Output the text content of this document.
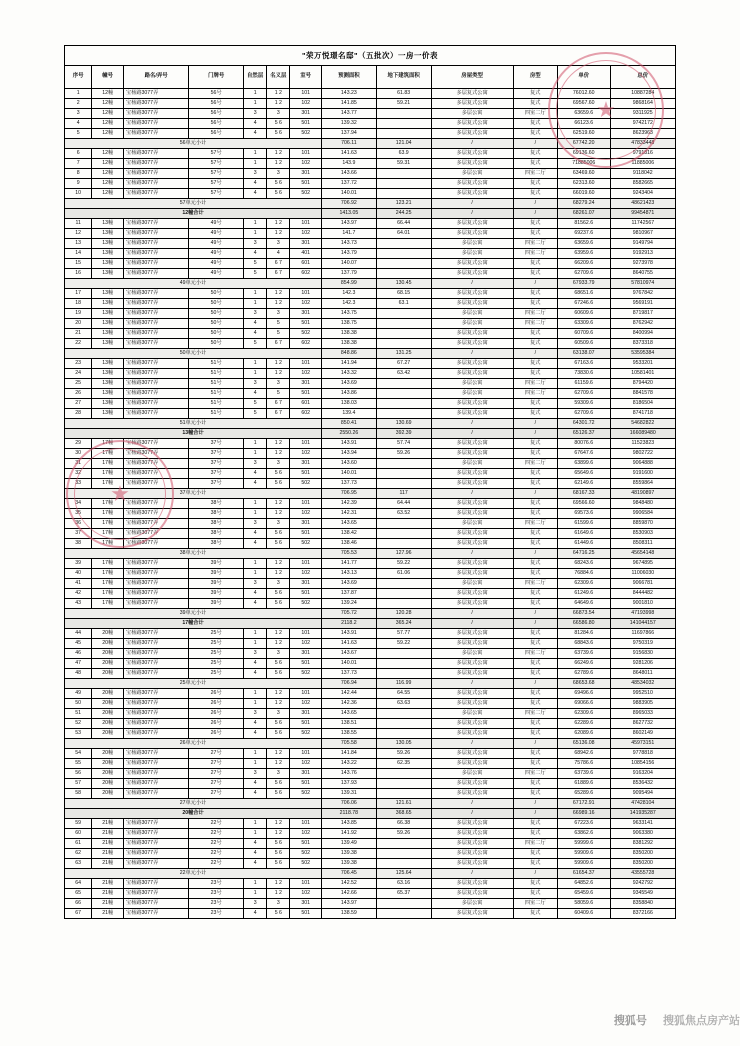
"荣万悦璟名邸"（五批次）一房一价表
序号	幢号	路名/弄号	门牌号	自然层	名义层	室号	预测面积	地下建筑面积	房屋类型	房型	单价	总价
1	12幢	宝杨路3077弄	56号	1	1 2	101	143.23	61.83	多层复式公寓	复式	76012.60	10887284
2	12幢	宝杨路3077弄	56号	1	1 2	102	141.85	59.21	多层复式公寓	复式	69567.60	9868164
3	12幢	宝杨路3077弄	56号	3	3	301	143.77		多层公寓	四室二厅	63659.6	9311925
4	12幢	宝杨路3077弄	56号	4	5 6	501	139.32		多层复式公寓	复式	66123.6	9742172
5	12幢	宝杨路3077弄	56号	4	5 6	502	137.94		多层复式公寓	复式	62519.60	8623963
56单元小计							706.11	121.04	/	/	67742.20	47833448
6	12幢	宝杨路3077弄	57号	1	1 2	101	141.63	63.9	多层复式公寓	复式	69136.60	9791816
7	12幢	宝杨路3077弄	57号	1	1 2	102	143.9	59.31	多层复式公寓	复式	71885006	11885006
8	12幢	宝杨路3077弄	57号	3	3	301	143.66		多层公寓	四室二厅	63469.60	9118042
9	12幢	宝杨路3077弄	57号	4	5 6	501	137.72		多层复式公寓	复式	62313.60	8582665
10	12幢	宝杨路3077弄	57号	4	5 6	502	140.01		多层复式公寓	复式	66019.60	9243404
57单元小计							706.92	123.21	/	/	68279.24	48621423
12幢合计							1413.05	244.25	/	/	68261.07	99454871
11	13幢	宝杨路3077弄	49号	1	1 2	101	143.97	66.44	多层复式公寓	复式	81562.6	11742567
12	13幢	宝杨路3077弄	49号	1	1 2	102	141.7	64.01	多层复式公寓	复式	69237.6	9810967
13	13幢	宝杨路3077弄	49号	3	3	301	143.73		多层公寓	四室二厅	63659.6	9149794
14	13幢	宝杨路3077弄	49号	4	4	401	143.79		多层公寓	四室二厅	63959.6	9192913
15	13幢	宝杨路3077弄	49号	5	6 7	601	140.07		多层复式公寓	复式	66209.6	9273978
16	13幢	宝杨路3077弄	49号	5	6 7	602	137.79		多层复式公寓	复式	62709.6	8640755
49单元小计							854.99	130.45	/	/	67933.79	57810974
17	13幢	宝杨路3077弄	50号	1	1 2	101	142.3	68.15	多层复式公寓	复式	68651.6	9767842
18	13幢	宝杨路3077弄	50号	1	1 2	102	142.3	63.1	多层复式公寓	复式	67246.6	9569191
19	13幢	宝杨路3077弄	50号	3	3	301	143.75		多层公寓	四室二厅	60609.6	8719817
20	13幢	宝杨路3077弄	50号	4	5	501	138.75		多层公寓	四室二厅	63309.6	8762942
21	13幢	宝杨路3077弄	50号	4	5	502	138.38		多层复式公寓	复式	60709.6	8400994
22	13幢	宝杨路3077弄	50号	5	6 7	602	138.38		多层复式公寓	复式	60509.6	8373318
50单元小计							848.86	131.25	/	/	63138.07	53595384
23	13幢	宝杨路3077弄	51号	1	1 2	101	141.94	67.27	多层复式公寓	复式	67163.6	9533201
24	13幢	宝杨路3077弄	51号	1	1 2	102	143.32	63.42	多层复式公寓	复式	73830.6	10581401
25	13幢	宝杨路3077弄	51号	3	3	301	143.69		多层公寓	四室二厅	61159.6	8794420
26	13幢	宝杨路3077弄	51号	4	5	501	143.86		多层公寓	四室二厅	62709.6	8841578
27	13幢	宝杨路3077弄	51号	5	6 7	601	138.03		多层复式公寓	复式	59309.6	8186504
28	13幢	宝杨路3077弄	51号	5	6 7	602	139.4		多层复式公寓	复式	62709.6	8741718
51单元小计							850.41	130.69	/	/	64301.72	54682822
13幢合计							2550.26	392.39	/	/	65126.37	166089480
29	17幢	宝杨路3077弄	37号	1	1 2	101	143.91	57.74	多层复式公寓	复式	80076.6	11523823
30	17幢	宝杨路3077弄	37号	1	1 2	102	143.94	59.26	多层复式公寓	复式	67647.6	9802722
31	17幢	宝杨路3077弄	37号	3	3	301	143.60		多层公寓	四室二厅	63899.6	9064888
32	17幢	宝杨路3077弄	37号	4	5 6	501	140.01		多层复式公寓	复式	65649.6	9191600
33	17幢	宝杨路3077弄	37号	4	5 6	502	137.73		多层复式公寓	复式	62149.6	8559864
37单元小计							706.95	117	/	/	68167.33	48190897
34	17幢	宝杨路3077弄	38号	1	1 2	101	142.39	64.44	多层复式公寓	复式	69566.60	9848480
35	17幢	宝杨路3077弄	38号	1	1 2	102	142.31	63.52	多层复式公寓	复式	69573.6	9906584
36	17幢	宝杨路3077弄	38号	3	3	301	143.65		多层公寓	四室二厅	61599.6	8859870
37	17幢	宝杨路3077弄	38号	4	5 6	501	138.42		多层复式公寓	复式	61649.6	8530903
38	17幢	宝杨路3077弄	38号	4	5 6	502	138.46		多层复式公寓	复式	61449.6	8508311
38单元小计							705.53	127.96	/	/	64716.25	45654148
39	17幢	宝杨路3077弄	39号	1	1 2	101	141.77	59.22	多层复式公寓	复式	68243.6	9674895
40	17幢	宝杨路3077弄	39号	1	1 2	102	143.13	61.06	多层复式公寓	复式	76884.6	11006030
41	17幢	宝杨路3077弄	39号	3	3	301	143.69		多层公寓	四室二厅	62309.6	9066781
42	17幢	宝杨路3077弄	39号	4	5 6	501	137.87		多层复式公寓	复式	61249.6	8444482
43	17幢	宝杨路3077弄	39号	4	5 6	502	139.24		多层复式公寓	复式	64649.6	9001810
39单元小计							705.72	120.28	/	/	66873.54	47193998
17幢合计							2118.2	365.24	/	/	66586.80	141044157
44	20幢	宝杨路3077弄	25号	1	1 2	101	143.91	57.77	多层复式公寓	复式	81284.6	11697866
45	20幢	宝杨路3077弄	25号	1	1 2	102	141.63	59.22	多层复式公寓	复式	68843.6	9750319
46	20幢	宝杨路3077弄	25号	3	3	301	143.67		多层公寓	四室二厅	63739.6	9156830
47	20幢	宝杨路3077弄	25号	4	5 6	501	140.01		多层复式公寓	复式	66249.6	9281206
48	20幢	宝杨路3077弄	25号	4	5 6	502	137.73		多层复式公寓	复式	62789.6	8648011
25单元小计							706.94	116.99	/	/	68653.68	48534032
49	20幢	宝杨路3077弄	26号	1	1 2	101	142.44	64.55	多层复式公寓	复式	69496.6	9952510
50	20幢	宝杨路3077弄	26号	1	1 2	102	142.36	63.63	多层复式公寓	复式	69066.6	9883905
51	20幢	宝杨路3077弄	26号	3	3	301	143.65		多层公寓	四室二厅	62309.6	8965033
52	20幢	宝杨路3077弄	26号	4	5 6	501	138.51		多层复式公寓	复式	62289.6	8627732
53	20幢	宝杨路3077弄	26号	4	5 6	502	138.55		多层复式公寓	复式	62089.6	8602149
26单元小计							705.58	130.05	/	/	65136.08	45973151
54	20幢	宝杨路3077弄	27号	1	1 2	101	141.84	59.26	多层复式公寓	复式	68942.6	9778818
55	20幢	宝杨路3077弄	27号	1	1 2	102	143.22	62.35	多层复式公寓	复式	75786.6	10854156
56	20幢	宝杨路3077弄	27号	3	3	301	143.76		多层公寓	四室二厅	63739.6	9163204
57	20幢	宝杨路3077弄	27号	4	5 6	501	137.93		多层复式公寓	复式	61889.6	8536432
58	20幢	宝杨路3077弄	27号	4	5 6	502	139.31		多层复式公寓	复式	65289.6	9095494
27单元小计							706.06	121.61	/	/	67172.91	47428104
20幢合计							2118.78	368.65	/	/	66989.16	141935287
59	21幢	宝杨路3077弄	22号	1	1 2	101	143.85	66.38	多层复式公寓	复式	67223.6	9633141
60	21幢	宝杨路3077弄	22号	1	1 2	102	141.92	59.26	多层复式公寓	复式	63862.6	9063380
61	21幢	宝杨路3077弄	22号	4	5 6	501	139.49		多层复式公寓	四室二厅	59999.6	8381292
62	21幢	宝杨路3077弄	22号	4	5 6	502	139.38		多层复式公寓	复式	59909.6	8350200
63	21幢	宝杨路3077弄	22号	4	5 6	502	139.38		多层复式公寓	复式	59909.6	8350200
22单元小计							706.45	125.64	/	/	61654.37	43555728
64	21幢	宝杨路3077弄	23号	1	1 2	101	142.52	63.16	多层复式公寓	复式	64852.6	9242792
65	21幢	宝杨路3077弄	23号	1	1 2	102	142.66	65.37	多层复式公寓	复式	65459.6	9345549
66	21幢	宝杨路3077弄	23号	3	3	301	143.97		多层公寓	四室二厅	58059.6	8358840
67	21幢	宝杨路3077弄	23号	4	5 6	501	138.59		多层复式公寓	复式	60409.6	8372166
★
★
搜狐号 搜狐焦点房产站
